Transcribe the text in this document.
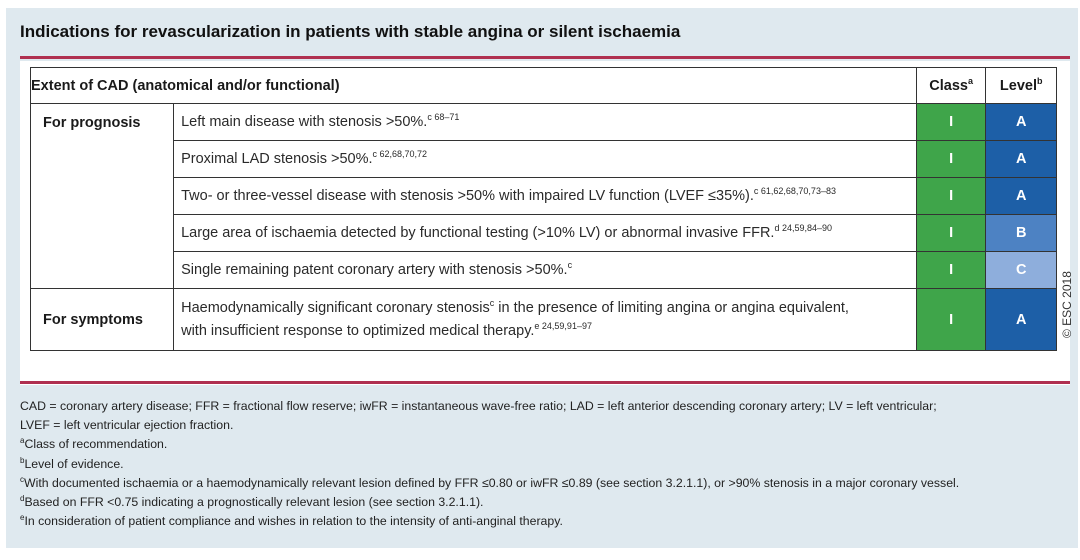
Indications for revascularization in patients with stable angina or silent ischaemia
Extent of CAD (anatomical and/or functional)		Class$^a$	Level$^b$
For prognosis	Left main disease with stenosis >50%.$^{c 68-71}$	I	A
	Proximal LAD stenosis >50%.$^{c 62,68,70,72}$	I	A
	Two- or three-vessel disease with stenosis >50% with impaired LV function (LVEF ≤35%).$^{c 61,62,68,70,73-83}$	I	A
	Large area of ischaemia detected by functional testing (>10% LV) or abnormal invasive FFR.$^{d 24,59,84-90}$	I	B
	Single remaining patent coronary artery with stenosis >50%.$^c$	I	C
For symptoms	Haemodynamically significant coronary stenosis$^c$ in the presence of limiting angina or angina equivalent,
with insufficient response to optimized medical therapy.$^{e 24,59,91-97}$	I	A	© ESC 2018
CAD = coronary artery disease; FFR = fractional flow reserve; iwFR = instantaneous wave-free ratio; LAD = left anterior descending coronary artery; LV = left ventricular;
LVEF = left ventricular ejection fraction.
$^a$Class of recommendation.
$^b$Level of evidence.
$^c$With documented ischaemia or a haemodynamically relevant lesion defined by FFR ≤0.80 or iwFR ≤0.89 (see section 3.2.1.1), or >90% stenosis in a major coronary vessel.
$^d$Based on FFR <0.75 indicating a prognostically relevant lesion (see section 3.2.1.1).
$^e$In consideration of patient compliance and wishes in relation to the intensity of anti-anginal therapy.
